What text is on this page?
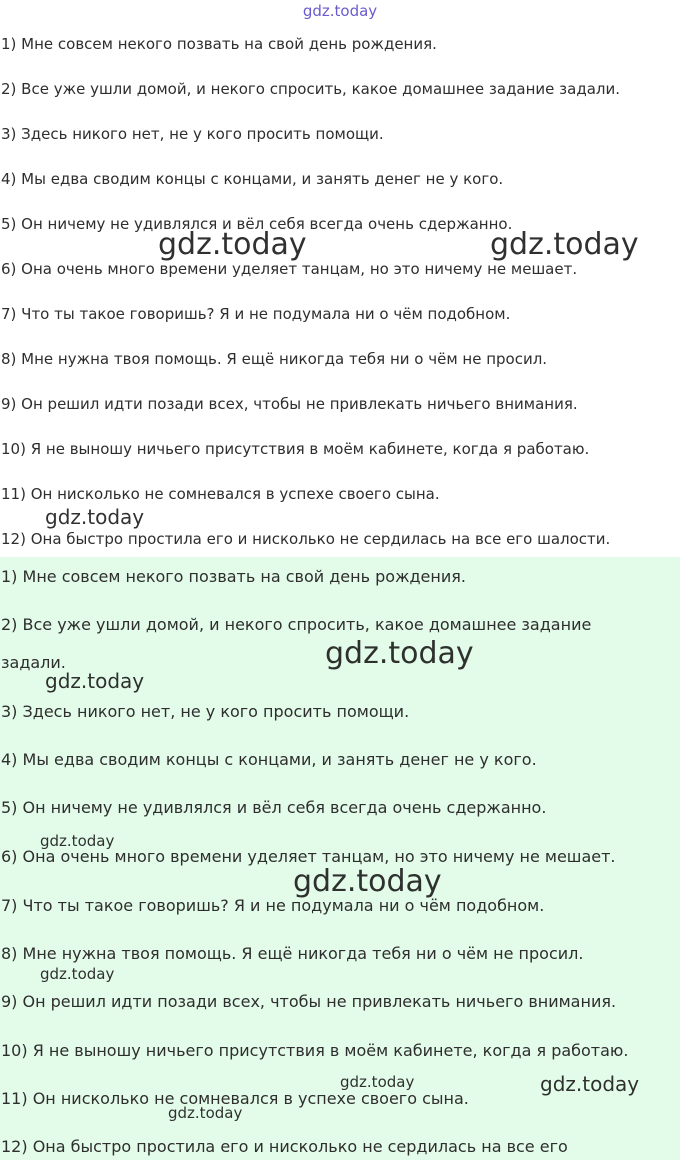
gdz.today
1) Мне совсем некого позвать на свой день рождения.
2) Все уже ушли домой, и некого спросить, какое домашнее задание задали.
3) Здесь никого нет, не у кого просить помощи.
4) Мы едва сводим концы с концами, и занять денег не у кого.
5) Он ничему не удивлялся и вёл себя всегда очень сдержанно.
6) Она очень много времени уделяет танцам, но это ничему не мешает.
7) Что ты такое говоришь? Я и не подумала ни о чём подобном.
8) Мне нужна твоя помощь. Я ещё никогда тебя ни о чём не просил.
9) Он решил идти позади всех, чтобы не привлекать ничьего внимания.
10) Я не выношу ничьего присутствия в моём кабинете, когда я работаю.
11) Он нисколько не сомневался в успехе своего сына.
12) Она быстро простила его и нисколько не сердилась на все его шалости.
1) Мне совсем некого позвать на свой день рождения.
2) Все уже ушли домой, и некого спросить, какое домашнее задание
задали.
3) Здесь никого нет, не у кого просить помощи.
4) Мы едва сводим концы с концами, и занять денег не у кого.
5) Он ничему не удивлялся и вёл себя всегда очень сдержанно.
6) Она очень много времени уделяет танцам, но это ничему не мешает.
7) Что ты такое говоришь? Я и не подумала ни о чём подобном.
8) Мне нужна твоя помощь. Я ещё никогда тебя ни о чём не просил.
9) Он решил идти позади всех, чтобы не привлекать ничьего внимания.
10) Я не выношу ничьего присутствия в моём кабинете, когда я работаю.
11) Он нисколько не сомневался в успехе своего сына.
12) Она быстро простила его и нисколько не сердилась на все его
gdz.today	gdz.today
gdz.today
gdz.today
gdz.today
gdz.today
gdz.today
gdz.today
gdz.today	gdz.today
gdz.today
